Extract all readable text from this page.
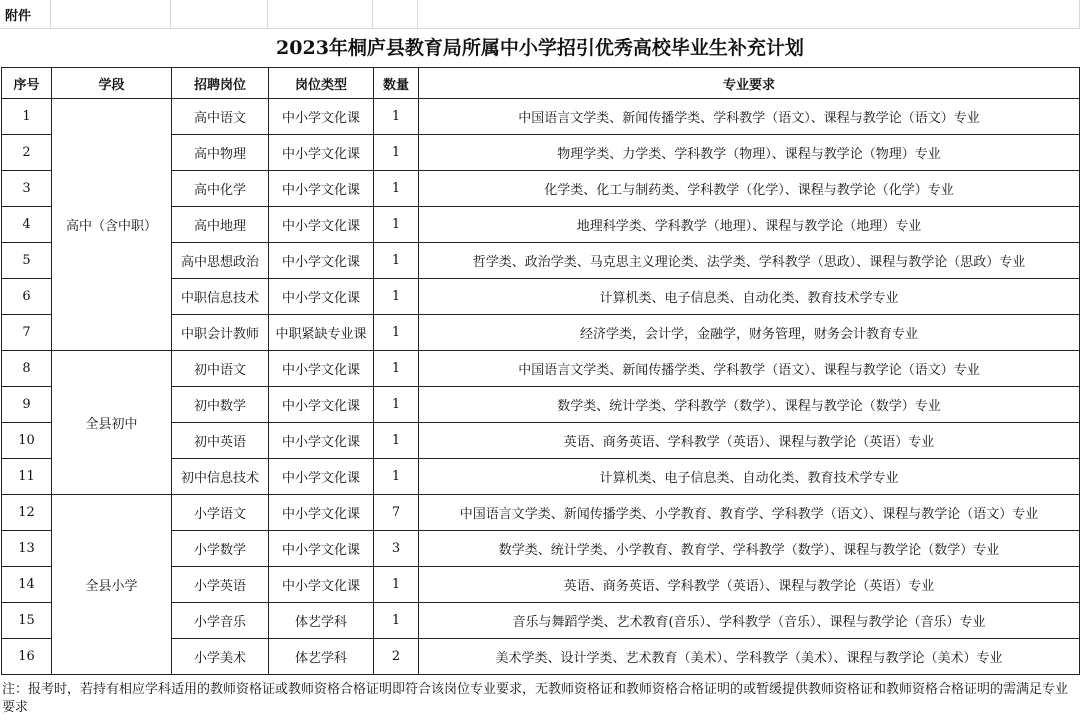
附件
2023年桐庐县教育局所属中小学招引优秀高校毕业生补充计划
序号	学段	招聘岗位	岗位类型	数量	专业要求
1	高中（含中职）	高中语文	中小学文化课	1	中国语言文学类、新闻传播学类、学科教学（语文）、课程与教学论（语文）专业
2		高中物理	中小学文化课	1	物理学类、力学类、学科教学（物理）、课程与教学论（物理）专业
3		高中化学	中小学文化课	1	化学类、化工与制药类、学科教学（化学）、课程与教学论（化学）专业
4		高中地理	中小学文化课	1	地理科学类、学科教学（地理）、课程与教学论（地理）专业
5		高中思想政治	中小学文化课	1	哲学类、政治学类、马克思主义理论类、法学类、学科教学（思政）、课程与教学论（思政）专业
6		中职信息技术	中小学文化课	1	计算机类、电子信息类、自动化类、教育技术学专业
7		中职会计教师	中职紧缺专业课	1	经济学类，会计学，金融学，财务管理，财务会计教育专业
8	全县初中	初中语文	中小学文化课	1	中国语言文学类、新闻传播学类、学科教学（语文）、课程与教学论（语文）专业
9		初中数学	中小学文化课	1	数学类、统计学类、学科教学（数学）、课程与教学论（数学）专业
10		初中英语	中小学文化课	1	英语、商务英语、学科教学（英语）、课程与教学论（英语）专业
11		初中信息技术	中小学文化课	1	计算机类、电子信息类、自动化类、教育技术学专业
12	全县小学	小学语文	中小学文化课	7	中国语言文学类、新闻传播学类、小学教育、教育学、学科教学（语文）、课程与教学论（语文）专业
13		小学数学	中小学文化课	3	数学类、统计学类、小学教育、教育学、学科教学（数学）、课程与教学论（数学）专业
14		小学英语	中小学文化课	1	英语、商务英语、学科教学（英语）、课程与教学论（英语）专业
15		小学音乐	体艺学科	1	音乐与舞蹈学类、艺术教育(音乐）、学科教学（音乐）、课程与教学论（音乐）专业
16		小学美术	体艺学科	2	美术学类、设计学类、艺术教育（美术）、学科教学（美术）、课程与教学论（美术）专业
注：报考时，若持有相应学科适用的教师资格证或教师资格合格证明即符合该岗位专业要求，无教师资格证和教师资格合格证明的或暂缓提供教师资格证和教师资格合格证明的需满足专业要求
